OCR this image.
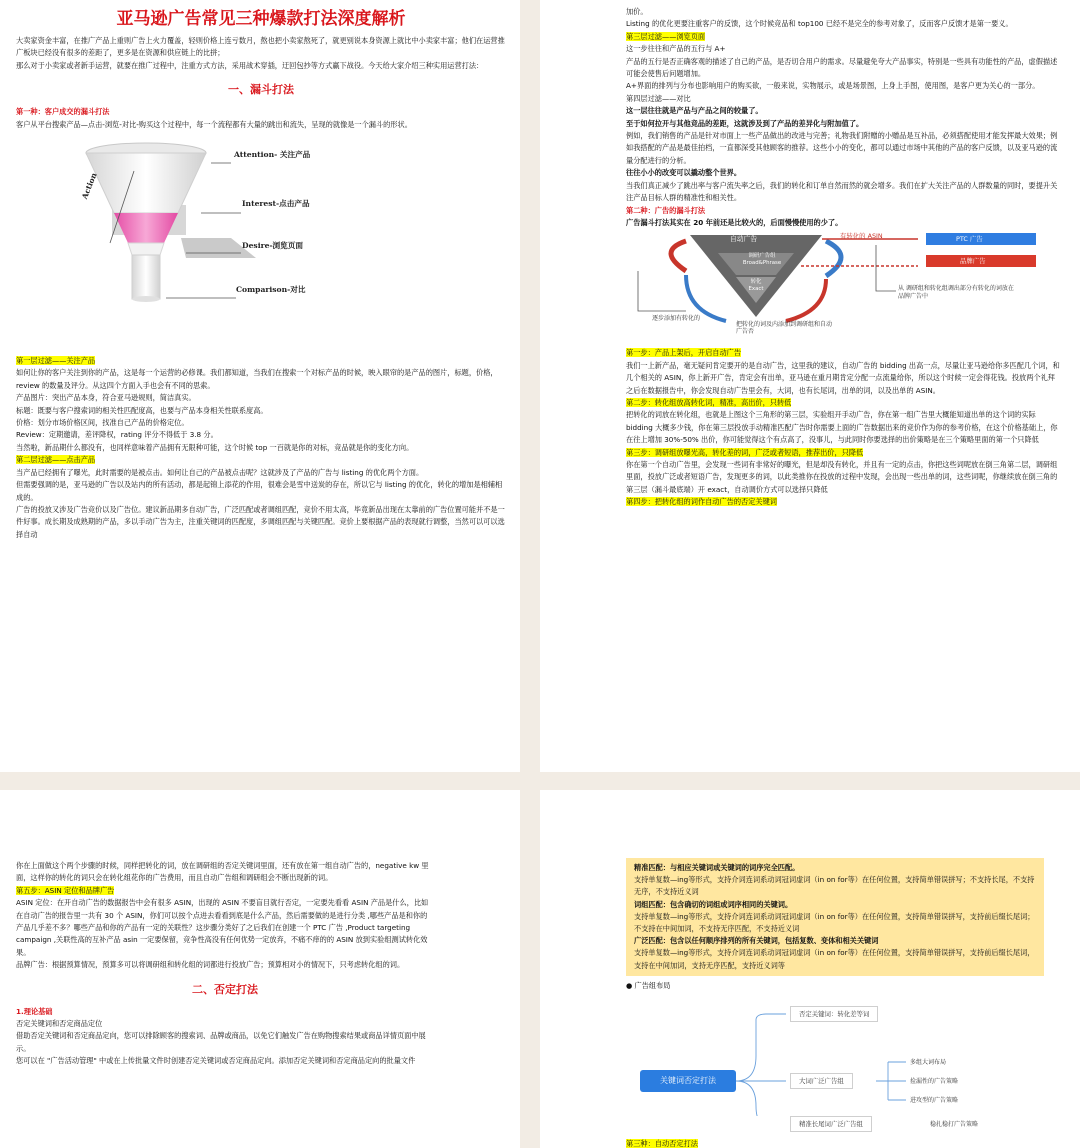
亚马逊广告常见三种爆款打法深度解析

大卖家资金丰富，在推广产品上重则广告上火力覆盖，轻则价格上连亏数月，熬也把小卖家熬死了，就更别说本身资源上就比中小卖家丰富；他们在运营推广板块已经没有很多的差距了，更多是在资源和供应链上的比拼；

那么对于小卖家或者新手运营，就要在推广过程中，注重方式方法，采用战术穿插，迂回包抄等方式赢下战役。今天给大家介绍三种实用运营打法：

一、漏斗打法

第一种：客户成交的漏斗打法

客户从平台搜索产品—点击-浏览-对比-购买这个过程中，每一个流程都有大量的跳出和流失，呈现的就像是一个漏斗的形状。

Action
Attention- 关注产品
Interest-点击产品
Desire-浏览页面
Comparison-对比

第一层过滤——关注产品

如何让你的客户关注到你的产品，这是每一个运营的必修课。我们都知道，当我们在搜索一个对标产品的时候，映入眼帘的是产品的图片，标题，价格，review 的数量及评分。从这四个方面入手也会有不同的思索。

产品图片：突出产品本身，符合亚马逊规则，简洁真实。

标题：既要与客户搜索词的相关性匹配度高，也要与产品本身相关性联系度高。

价格：划分市场价格区间，找准自己产品的价格定位。

Review：定期邀请，差评降权，rating 评分不得低于 3.8 分。

当然啦，新品期什么都没有，也同样意味着产品拥有无限种可能，这个时候 top 一百就是你的对标，竞品就是你的变化方向。

第二层过滤——点击产品

当产品已经拥有了曝光，此时需要的是被点击。如何让自己的产品被点击呢？这就涉及了产品的广告与 listing 的优化两个方面。

但需要强调的是，亚马逊的广告以及站内的所有活动，都是起锦上添花的作用，很难会是雪中送炭的存在，所以它与 listing 的优化，转化的增加是相辅相成的。

广告的投放又涉及广告竞价以及广告位。建议新品期多自动广告，广泛匹配或者调组匹配，竞价不用太高，毕竟新品出现在太靠前的广告位置可能并不是一件好事。成长期及成熟期的产品，多以手动广告为主，注重关键词的匹配度，多调组匹配与关键匹配。竞价上要根据产品的表现就行调整，当然可以可以选择自动

加价。

Listing 的优化更要注重客户的反馈，这个时候竞品和 top100 已经不是完全的参考对象了，反而客户反馈才是第一要义。

第三层过滤——浏览页面

这一步往往和产品的五行与 A+

产品的五行是否正确客观的描述了自己的产品，是否切合用户的需求。尽量避免夸大产品事实，特别是一些具有功能性的产品，虚假描述可能会使售后问题增加。

A+界面的排列与分布也影响用户的购买欲，一般来说，实物展示，或是场景图，上身上手图，使用图，是客户更为关心的一部分。

第四层过滤——对比

这一层往往就是产品与产品之间的较量了。

至于如何拉开与其他竞品的差距，这就涉及到了产品的差异化与附加值了。

例如，我们销售的产品是针对市面上一些产品做出的改进与完善；礼物我们附赠的小赠品是互补品，必须搭配使用才能发挥最大效果；例如我搭配的产品是最佳拍档，一直都深受其他顾客的推荐。这些小小的变化，都可以通过市场中其他的产品的客户反馈，以及亚马逊的流量分配进行的分析。

往往小小的改变可以撬动整个世界。

当我们真正减少了跳出率与客户流失率之后，我们的转化和订单自然而然的就会增多。我们在扩大关注产品的人群数量的同时，要提升关注产品目标人群的精准性和相关性。

第二种：广告的漏斗打法

广告漏斗打法其实在 20 年前还是比较火的，后面慢慢使用的少了。

自动广告
调研广告组 Broad&Phrase
转化 Exact
有转化的 ASIN	PTC 广告
品牌广告
逐步添加有转化的
把转化的词及内添加到调研组和自动广告否
从 调研组和转化组调出部分有转化的词放在品牌广告中

第一步：产品上架后，开启自动广告

我们一上新产品，毫无疑问肯定要开的是自动广告，这里我的建议，自动广告的 bidding 出高一点，尽量让亚马逊给你多匹配几个词，和几个相关的 ASIN，你上新开广告，肯定会有出单，亚马逊在重月期肯定分配一点流量给你，所以这个时候一定会得花钱。投放两个礼拜之后在数据报告中，你会发现自动广告里会有，大词，也有长尾词，出单的词，以及出单的 ASIN。

第二步：转化组放高转化词，精准，高出价，只转低

把转化的词放在转化组，也就是上图这个三角形的第三层，实验组开手动广告，你在第一组广告里大概能知道出单的这个词的实际 bidding 大概多少钱，你在第三层投放手动精准匹配广告时你需要上面的广告数据出来的竞价作为你的参考价格，在这个价格基础上，你在往上增加 30%-50% 出价，你可能觉得这个有点高了，没事儿，与此同时你要选择的出价策略是在三个策略里面的第一个只降低

第三步：调研组放曝光高，转化差的词，广泛或者短语，推荐出价，只降低

你在第一个自动广告里，会发现一些词有非常好的曝光，但是却没有转化，并且有一定的点击，你把这些词呢放在倒三角第二层，调研组里面，投放广泛或者短语广告，发现更多的词，以此类推你在投放的过程中发现，会出现一些出单的词，这些词呢，你继续放在倒三角的第三层（漏斗最底端）开 exact，自动调价方式可以选择只降低

第四步：把转化组的词作自动广告的否定关键词

你在上面做这个两个步骤的时候，同样把转化的词，放在调研组的否定关键词里面，还有放在第一组自动广告的，negative kw 里面，这样你的转化的词只会在转化组花你的广告费用，而且自动广告组和调研组会不断出现新的词。

第五步：ASIN 定位和品牌广告

ASIN 定位：在开自动广告的数据报告中会有很多 ASIN，出现的 ASIN 不要盲目就行否定，一定要先看看 ASIN 产品是什么，比如在自动广告的报告里一共有 30 个 ASIN，你们可以按个点进去看看到底是什么产品，然后需要做的是进行分类 ,哪些产品是和你的产品几乎差不多？哪些产品和你的产品有一定的关联性？这步骤分类好了之后我们在创建一个 PTC 广告 ,Product targeting campaign ,关联性高的互补产品 asin 一定要保留，竞争性高没有任何优势一定放弃，不痛不痒的的 ASIN 放到实验组测试转化效果。

品牌广告：根据预算情况，预算多可以将调研组和转化组的词都进行投放广告；预算相对小的情况下，只考虑转化组的词。

二、否定打法

1.理论基础

否定关键词和否定商品定位

借助否定关键词和否定商品定向，您可以排除顾客的搜索词、品牌或商品，以免它们触发广告在购物搜索结果或商品详情页面中展示。

您可以在 "广告活动管理" 中或在上传批量文件时创建否定关键词或否定商品定向。添加否定关键词和否定商品定向的批量文件

精准匹配：与相应关键词或关键词的词序完全匹配。

支持单复数—ing等形式，支持介词连词系动词冠词虚词（in on for等）在任何位置，支持简单错误拼写；不支持长尾，不支持无序，不支持近义词

词组匹配：包含确切的词组或词序相同的关键词。

支持单复数—ing等形式，支持介词连词系动词冠词虚词（in on for等）在任何位置，支持简单错误拼写，支持前后缀长尾词；不支持在中间加词，不支持无序匹配，不支持近义词

广泛匹配：包含以任何顺序排列的所有关键词，包括复数、变体和相关关键词

支持单复数—ing等形式，支持介词连词系动词冠词虚词（in on for等）在任何位置，支持简单错误拼写，支持前后缀长尾词，支持在中间加词，支持无序匹配，支持近义词等

● 广告组布局

关键词否定打法
否定关键词：转化差等词
大词广泛广告组
多组大词布局
捡漏性的广告策略
进攻型的广告策略
精准长尾词广泛广告组	稳扎稳打广告策略

第三种：自动否定打法
